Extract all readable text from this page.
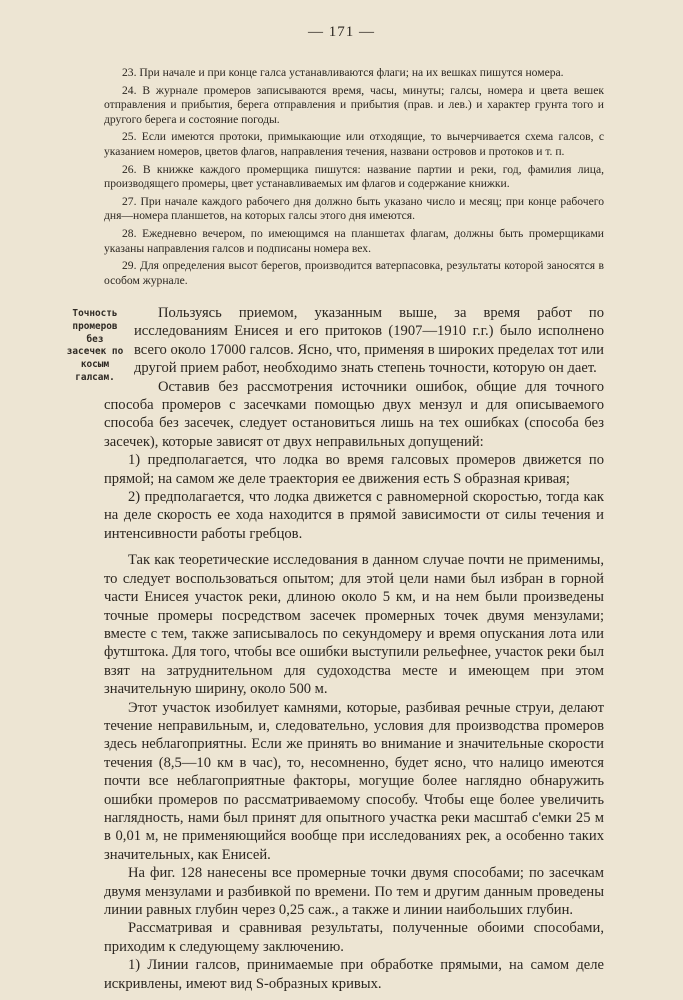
— 171 —

23. При начале и при конце галса устанавливаются флаги; на их вешках пишутся номера.

24. В журнале промеров записываются время, часы, минуты; галсы, номера и цвета вешек отправления и прибытия, берега отправления и прибытия (прав. и лев.) и характер грунта того и другого берега и состояние погоды.

25. Если имеются протоки, примыкающие или отходящие, то вычерчивается схема галсов, с указанием номеров, цветов флагов, направления течения, названи островов и протоков и т. п.

26. В книжке каждого промерщика пишутся: название партии и реки, год, фамилия лица, производящего промеры, цвет устанавливаемых им флагов и содержание книжки.

27. При начале каждого рабочего дня должно быть указано число и месяц; при конце рабочего дня—номера планшетов, на которых галсы этого дня имеются.

28. Ежедневно вечером, по имеющимся на планшетах флагам, должны быть промерщиками указаны направления галсов и подписаны номера вех.

29. Для определения высот берегов, производится ватерпасовка, результаты которой заносятся в особом журнале.

Точность промеров без засечек по косым галсам.

Пользуясь приемом, указанным выше, за время работ по исследованиям Енисея и его притоков (1907—1910 г.г.) было исполнено всего около 17000 галсов. Ясно, что, применяя в широких пределах тот или другой прием работ, необходимо знать степень точности, которую он дает.

Оставив без рассмотрения источники ошибок, общие для точного способа промеров с засечками помощью двух мензул и для описываемого способа без засечек, следует остановиться лишь на тех ошибках (способа без засечек), которые зависят от двух неправильных допущений:

1) предполагается, что лодка во время галсовых промеров движется по прямой; на самом же деле траектория ее движения есть S образная кривая;

2) предполагается, что лодка движется с равномерной скоростью, тогда как на деле скорость ее хода находится в прямой зависимости от силы течения и интенсивности работы гребцов.

Так как теоретические исследования в данном случае почти не применимы, то следует воспользоваться опытом; для этой цели нами был избран в горной части Енисея участок реки, длиною около 5 км, и на нем были произведены точные промеры посредством засечек промерных точек двумя мензулами; вместе с тем, также записывалось по секундомеру и время опускания лота или футштока. Для того, чтобы все ошибки выступили рельефнее, участок реки был взят на затруднительном для судоходства месте и имеющем при этом значительную ширину, около 500 м.

Этот участок изобилует камнями, которые, разбивая речные струи, делают течение неправильным, и, следовательно, условия для производства промеров здесь неблагоприятны. Если же принять во внимание и значительные скорости течения (8,5—10 км в час), то, несомненно, будет ясно, что налицо имеются почти все неблагоприятные факторы, могущие более наглядно обнаружить ошибки промеров по рассматриваемому способу. Чтобы еще более увеличить наглядность, нами был принят для опытного участка реки масштаб с'емки 25 м в 0,01 м, не применяющийся вообще при исследованиях рек, а особенно таких значительных, как Енисей.

На фиг. 128 нанесены все промерные точки двумя способами; по засечкам двумя мензулами и разбивкой по времени. По тем и другим данным проведены линии равных глубин через 0,25 саж., а также и линии наибольших глубин.

Рассматривая и сравнивая результаты, полученные обоими способами, приходим к следующему заключению.

1) Линии галсов, принимаемые при обработке прямыми, на самом деле искривлены, имеют вид S-образных кривых.
